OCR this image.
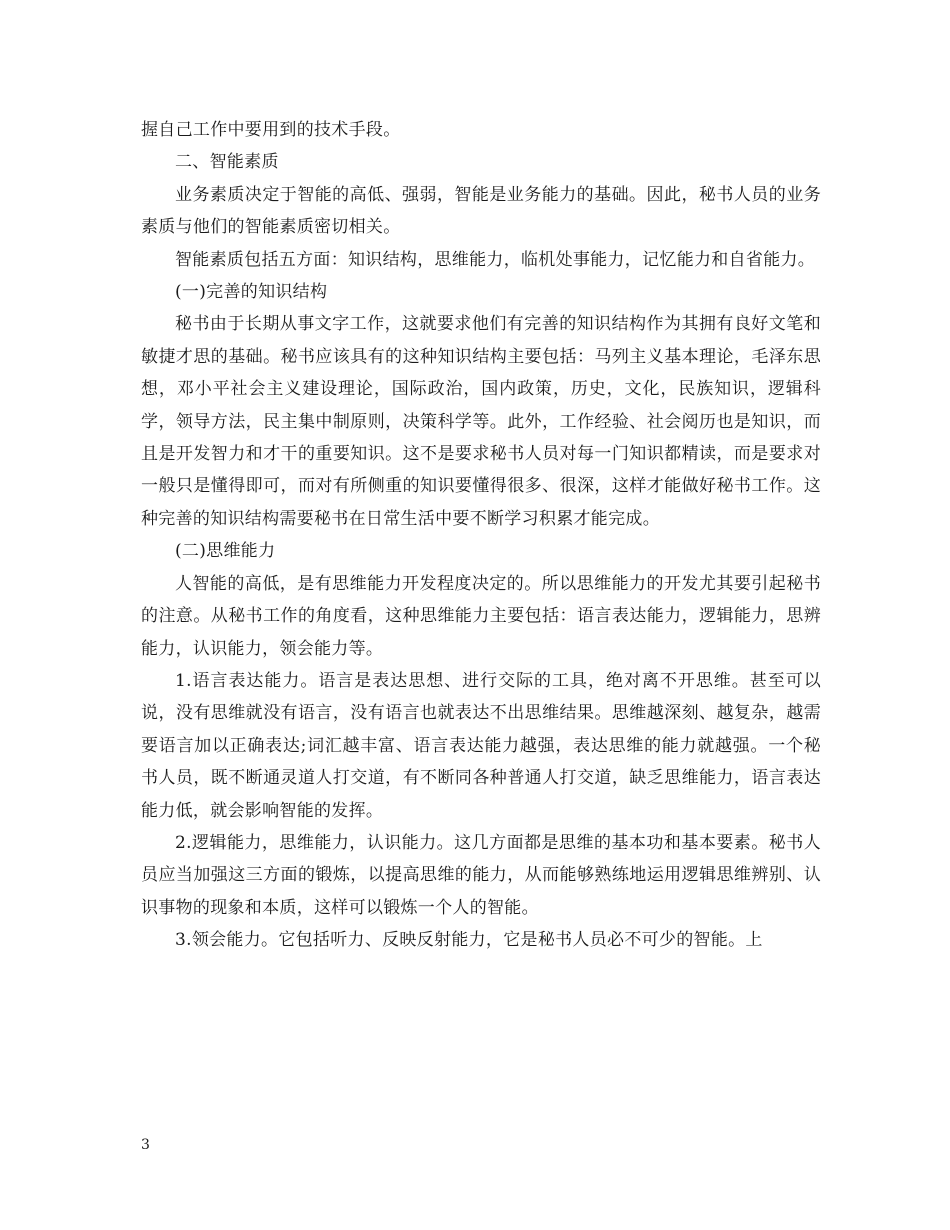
握自己工作中要用到的技术手段。

二、智能素质

业务素质决定于智能的高低、强弱，智能是业务能力的基础。因此，秘书人员的业务素质与他们的智能素质密切相关。

智能素质包括五方面：知识结构，思维能力，临机处事能力，记忆能力和自省能力。

(一)完善的知识结构

秘书由于长期从事文字工作，这就要求他们有完善的知识结构作为其拥有良好文笔和敏捷才思的基础。秘书应该具有的这种知识结构主要包括：马列主义基本理论，毛泽东思想，邓小平社会主义建设理论，国际政治，国内政策，历史，文化，民族知识，逻辑科学，领导方法，民主集中制原则，决策科学等。此外，工作经验、社会阅历也是知识，而且是开发智力和才干的重要知识。这不是要求秘书人员对每一门知识都精读，而是要求对一般只是懂得即可，而对有所侧重的知识要懂得很多、很深，这样才能做好秘书工作。这种完善的知识结构需要秘书在日常生活中要不断学习积累才能完成。

(二)思维能力

人智能的高低，是有思维能力开发程度决定的。所以思维能力的开发尤其要引起秘书的注意。从秘书工作的角度看，这种思维能力主要包括：语言表达能力，逻辑能力，思辨能力，认识能力，领会能力等。

1.语言表达能力。语言是表达思想、进行交际的工具，绝对离不开思维。甚至可以说，没有思维就没有语言，没有语言也就表达不出思维结果。思维越深刻、越复杂，越需要语言加以正确表达;词汇越丰富、语言表达能力越强，表达思维的能力就越强。一个秘书人员，既不断通灵道人打交道，有不断同各种普通人打交道，缺乏思维能力，语言表达能力低，就会影响智能的发挥。

2.逻辑能力，思维能力，认识能力。这几方面都是思维的基本功和基本要素。秘书人员应当加强这三方面的锻炼，以提高思维的能力，从而能够熟练地运用逻辑思维辨别、认识事物的现象和本质，这样可以锻炼一个人的智能。

3.领会能力。它包括听力、反映反射能力，它是秘书人员必不可少的智能。上

3
